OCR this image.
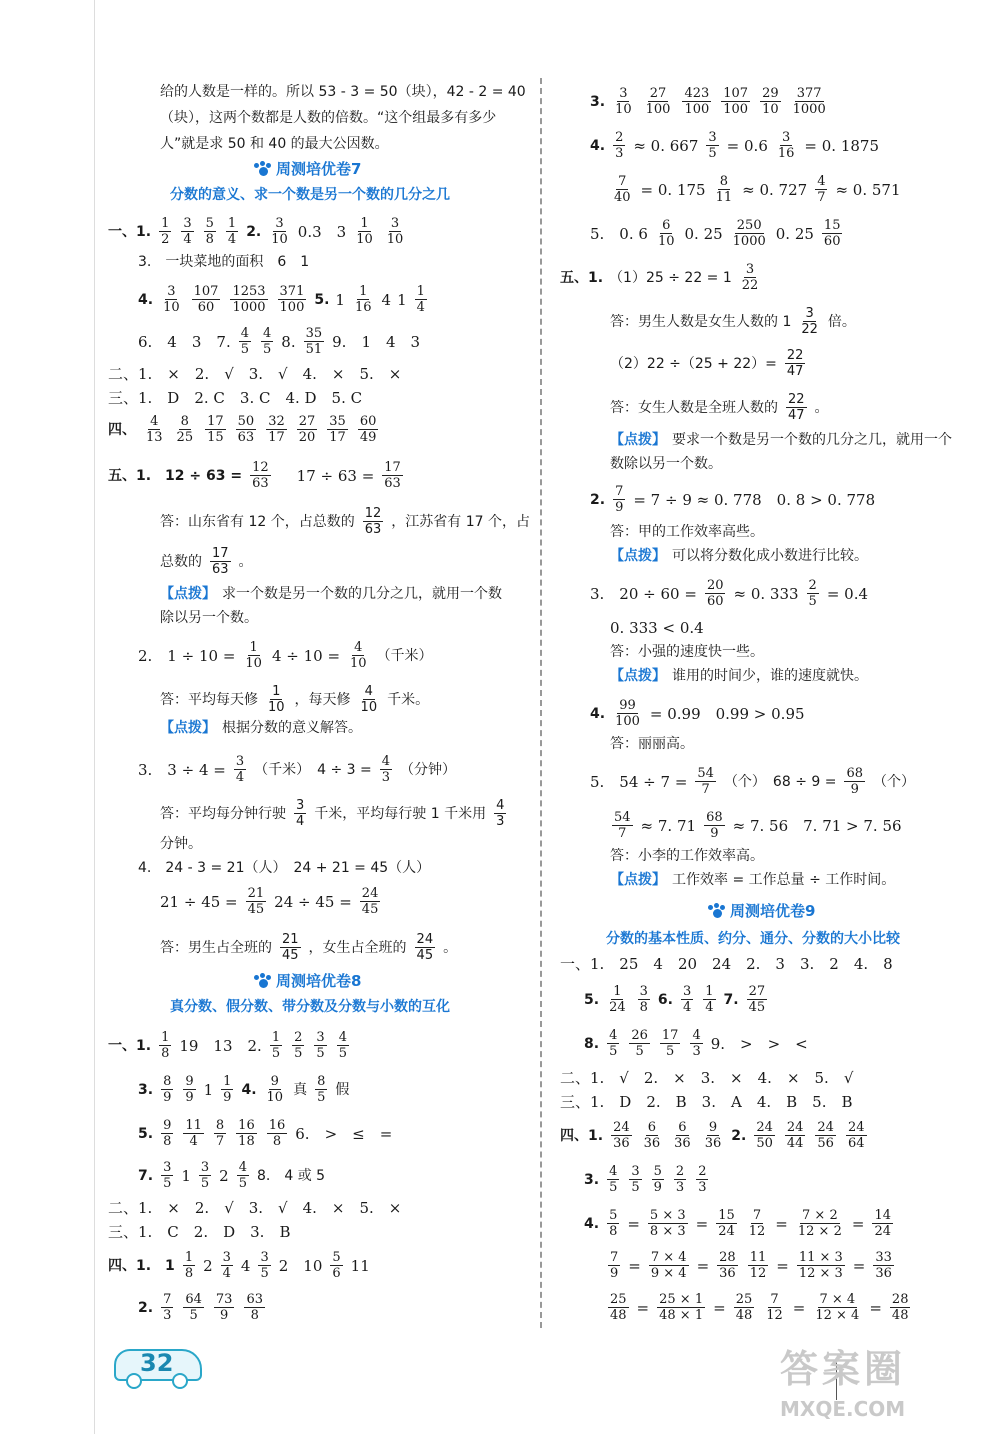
给的人数是一样的。所以 53 - 3 = 50（块），42 - 2 = 40
（块），这两个数都是人数的倍数。“这个组最多有多少
人”就是求 50 和 40 的最大公因数。
周测培优卷7
分数的意义、求一个数是另一个数的几分之几
一、1. $\frac{1}{2} \frac{3}{4} \frac{5}{8} \frac{1}{4} 2$. $\frac{3}{10} 0.3$　$3 \frac{1}{10} \frac{3}{10}$
3.　一块菜地的面积　6　1
4. $\frac{3}{10} \frac{107}{60} \frac{1253}{1000} \frac{371}{100} 5$. $1 \frac{1}{16} 4$ $1 \frac{1}{4}$
6.　4　3　7. $\frac{4}{5} \frac{4}{5} 8$. $\frac{35}{51} 9$.　1　4　3
二、1.　×　2.　√　3.　√　4.　×　5.　×
三、1.　D　2. C　3. C　4. D　5. C
四、 $\frac{4}{13} \frac{8}{25} \frac{17}{15} \frac{50}{63} \frac{32}{17} \frac{27}{20} \frac{35}{17} \frac{60}{49}$
五、1.　$12 \div 63 = \frac{12}{63} 17 \div 63 = \frac{17}{63}$
答：山东省有 12 个，占总数的 $\frac{12}{63}$ ，江苏省有 17 个，占
总数的 $\frac{17}{63}$ 。
【点拨】 求一个数是另一个数的几分之几，就用一个数
除以另一个数。
2.　$1 \div 10 = \frac{1}{10} 4 \div 10 = \frac{4}{10}$ （千米）
答：平均每天修 $\frac{1}{10}$ ，每天修 $\frac{4}{10}$ 千米。
【点拨】 根据分数的意义解答。
3.　$3 \div 4 = \frac{3}{4}$ （千米）　$4 \div 3 = \frac{4}{3}$ （分钟）
答：平均每分钟行驶 $\frac{3}{4}$ 千米，平均每行驶 1 千米用 $\frac{4}{3}$
分钟。
4.　24 - 3 = 21（人）　24 + 21 = 45（人）
$21 \div 45 = \frac{21}{45} 24 \div 45 = \frac{24}{45}$
答：男生占全班的 $\frac{21}{45}$ ，女生占全班的 $\frac{24}{45}$ 。
周测培优卷8
真分数、假分数、带分数及分数与小数的互化
一、1. $\frac{1}{8} 19$　13　2. $\frac{1}{5} \frac{2}{5} \frac{3}{5} \frac{4}{5}$
3. $\frac{8}{9} \frac{9}{9} 1 \frac{1}{9} 4$. $\frac{9}{10}$ 真 $\frac{8}{5}$ 假
5. $\frac{9}{8} \frac{11}{4} \frac{8}{7} \frac{16}{18} \frac{16}{8} 6$.　>　≤　=
7. $\frac{3}{5} 1 \frac{3}{5} 2 \frac{4}{5} 8$.　4 或 5
二、1.　×　2.　√　3.　√　4.　×　5.　×
三、1.　C　2.　D　3.　B
四、1.　$1 \frac{1}{8} 2 \frac{3}{4} 4 \frac{3}{5} 2$　$10 \frac{5}{6} 11$
2. $\frac{7}{3} \frac{64}{5} \frac{73}{9} \frac{63}{8}$
3. $\frac{3}{10} \frac{27}{100} \frac{423}{100} \frac{107}{100} \frac{29}{10} \frac{377}{1000}$
4. $\frac{2}{3} \approx 0$. $667 \frac{3}{5} = 0.6 \frac{3}{16} = 0$. 1875
$\frac{7}{40} = 0$. $175 \frac{8}{11} \approx 0$. $727 \frac{4}{7} \approx 0$. 571
5.　0. $6 \frac{6}{10} 0$. $25 \frac{250}{1000} 0$. $25 \frac{15}{60}$
五、1. $(1)25 \div 22 = 1 \frac{3}{22}$
答：男生人数是女生人数的 $1 \frac{3}{22}$ 倍。
$(2)22 \div(25 + 22)= \frac{22}{47}$
答：女生人数是全班人数的 $\frac{22}{47}$ 。
【点拨】 要求一个数是另一个数的几分之几，就用一个
数除以另一个数。
2. $\frac{7}{9} = 7 \div 9 \approx 0$. 778　0. 8 > 0. 778
答：甲的工作效率高些。
【点拨】 可以将分数化成小数进行比较。
3.　$20 \div 60 = \frac{20}{60} \approx 0$. $333 \frac{2}{5} = 0.4$
0. 333 < 0.4
答：小强的速度快一些。
【点拨】 谁用的时间少，谁的速度就快。
4. $\frac{99}{100} = 0.99$　0.99 > 0.95
答：丽丽高。
5.　$54 \div 7 = \frac{54}{7}$ （个）　$68 \div 9 = \frac{68}{9}$ （个）
$\frac{54}{7} \approx 7$. $71 \frac{68}{9} \approx 7$. 56　7. 71 > 7. 56
答：小李的工作效率高。
【点拨】 工作效率 = 工作总量 ÷ 工作时间。
周测培优卷9
分数的基本性质、约分、通分、分数的大小比较
一、1.　25　4　20　24　2.　3　3.　2　4.　8
5. $\frac{1}{24} \frac{3}{8} 6$. $\frac{3}{4} \frac{1}{4} 7$. $\frac{27}{45}$
8. $\frac{4}{5} \frac{26}{5} \frac{17}{5} \frac{4}{3} 9$.　>　>　<
二、1.　√　2.　×　3.　×　4.　×　5.　√
三、1.　D　2.　B　3.　A　4.　B　5.　B
四、1. $\frac{24}{36} \frac{6}{36} \frac{6}{36} \frac{9}{36} 2$. $\frac{24}{50} \frac{24}{44} \frac{24}{56} \frac{24}{64}$
3. $\frac{4}{5} \frac{3}{5} \frac{5}{9} \frac{2}{3} \frac{2}{3}$
4. $\frac{5}{8} = \frac{5 \times 3}{8 \times 3} = \frac{15}{24} \frac{7}{12} = \frac{7 \times 2}{12 \times 2} = \frac{14}{24}$
$\frac{7}{9} = \frac{7 \times 4}{9 \times 4} = \frac{28}{36} \frac{11}{12} = \frac{11 \times 3}{12 \times 3} = \frac{33}{36}$
$\frac{25}{48} = \frac{25 \times 1}{48 \times 1} = \frac{25}{48} \frac{7}{12} = \frac{7 \times 4}{12 \times 4} = \frac{28}{48}$
32	答案圈
MXQE.COM
